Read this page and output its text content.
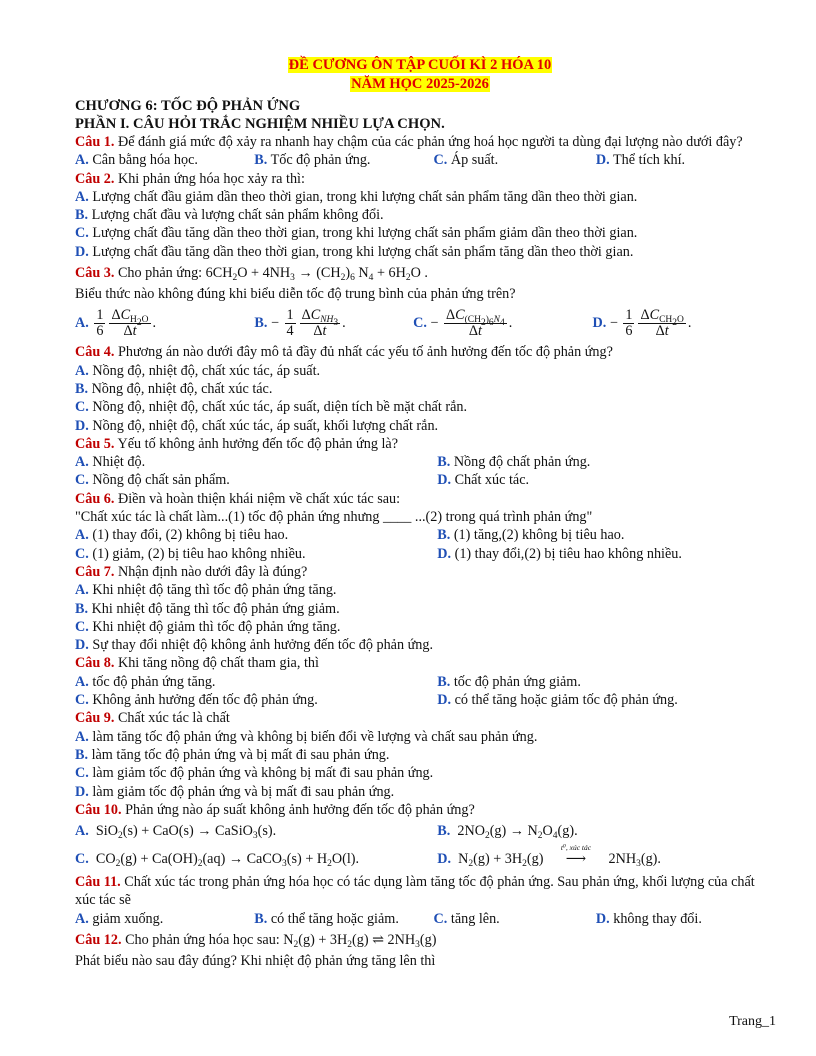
ĐỀ CƯƠNG ÔN TẬP CUỐI KÌ 2 HÓA 10
NĂM HỌC 2025-2026
CHƯƠNG 6: TỐC ĐỘ PHẢN ỨNG
PHẦN I. CÂU HỎI TRẮC NGHIỆM NHIỀU LỰA CHỌN.
Câu 1. Để đánh giá mức độ xảy ra nhanh hay chậm của các phản ứng hoá học người ta dùng đại lượng nào dưới đây?
A. Cân bằng hóa học.	B. Tốc độ phản ứng.	C. Áp suất.	D. Thể tích khí.
Câu 2. Khi phản ứng hóa học xảy ra thì:
A. Lượng chất đầu giảm dần theo thời gian, trong khi lượng chất sản phẩm tăng dần theo thời gian.
B. Lượng chất đầu và lượng chất sản phẩm không đổi.
C. Lượng chất đầu tăng dần theo thời gian, trong khi lượng chất sản phẩm giảm dần theo thời gian.
D. Lượng chất đầu tăng dần theo thời gian, trong khi lượng chất sản phẩm tăng dần theo thời gian.
Câu 3. Cho phản ứng: $6CH_2O + 4NH_3 \to (CH_2)_6$ $N_4 + 6H_2O$ .
Biểu thức nào không đúng khi biểu diễn tốc độ trung bình của phản ứng trên?
A. $\frac{1}{6} \frac{\Delta C_{H_2O}}{\Delta t}$ .	B. − $\frac{1}{4} \frac{\Delta C_{NH_3}}{\Delta t}$ .	C. − $\frac{\Delta C_{(CH_2)_6N_4}}{\Delta t}$ .	D. − $\frac{1}{6} \frac{\Delta C_{CH_2O}}{\Delta t}$ .
Câu 4. Phương án nào dưới đây mô tả đầy đủ nhất các yếu tố ảnh hưởng đến tốc độ phản ứng?
A. Nồng độ, nhiệt độ, chất xúc tác, áp suất.
B. Nồng độ, nhiệt độ, chất xúc tác.
C. Nồng độ, nhiệt độ, chất xúc tác, áp suất, diện tích bề mặt chất rắn.
D. Nồng độ, nhiệt độ, chất xúc tác, áp suất, khối lượng chất rắn.
Câu 5. Yếu tố không ảnh hưởng đến tốc độ phản ứng là?
A. Nhiệt độ.	B. Nồng độ chất phản ứng.
C. Nồng độ chất sản phẩm.	D. Chất xúc tác.
Câu 6. Điền và hoàn thiện khái niệm về chất xúc tác sau:
"Chất xúc tác là chất làm...(1) tốc độ phản ứng nhưng ____ ...(2) trong quá trình phản ứng"
A. (1) thay đổi, (2) không bị tiêu hao.	B. (1) tăng,(2) không bị tiêu hao.
C. (1) giảm, (2) bị tiêu hao không nhiều.	D. (1) thay đổi,(2) bị tiêu hao không nhiều.
Câu 7. Nhận định nào dưới đây là đúng?
A. Khi nhiệt độ tăng thì tốc độ phản ứng tăng.
B. Khi nhiệt độ tăng thì tốc độ phản ứng giảm.
C. Khi nhiệt độ giảm thì tốc độ phản ứng tăng.
D. Sự thay đổi nhiệt độ không ảnh hưởng đến tốc độ phản ứng.
Câu 8. Khi tăng nồng độ chất tham gia, thì
A. tốc độ phản ứng tăng.	B. tốc độ phản ứng giảm.
C. Không ảnh hưởng đến tốc độ phản ứng.	D. có thể tăng hoặc giảm tốc độ phản ứng.
Câu 9. Chất xúc tác là chất
A. làm tăng tốc độ phản ứng và không bị biến đổi về lượng và chất sau phản ứng.
B. làm tăng tốc độ phản ứng và bị mất đi sau phản ứng.
C. làm giảm tốc độ phản ứng và không bị mất đi sau phản ứng.
D. làm giảm tốc độ phản ứng và bị mất đi sau phản ứng.
Câu 10. Phản ứng nào áp suất không ảnh hưởng đến tốc độ phản ứng?
A.  SiO$_2$(s) + CaO(s) → CaSiO$_3$(s).	B.  $2NO_2(g) \to N_2O_4(g)$.
C.  $CO_2(g) + Ca(OH)_2(aq)$ → CaCO$_3$(s) + $H_2O(l)$.	D.  $N_2(g) + 3H_2(g)$
t⁰, xúc tác
⟶ $2NH_3(g)$.
Câu 11. Chất xúc tác trong phản ứng hóa học có tác dụng làm tăng tốc độ phản ứng. Sau phản ứng, khối lượng của chất xúc tác sẽ
A. giảm xuống.	B. có thể tăng hoặc giảm.	C. tăng lên.	D. không thay đổi.
Câu 12. Cho phản ứng hóa học sau: $N_2(g) + 3H_2(g)$ ⇌ $2NH_3(g)$
Phát biểu nào sau đây đúng? Khi nhiệt độ phản ứng tăng lên thì
Trang_1
